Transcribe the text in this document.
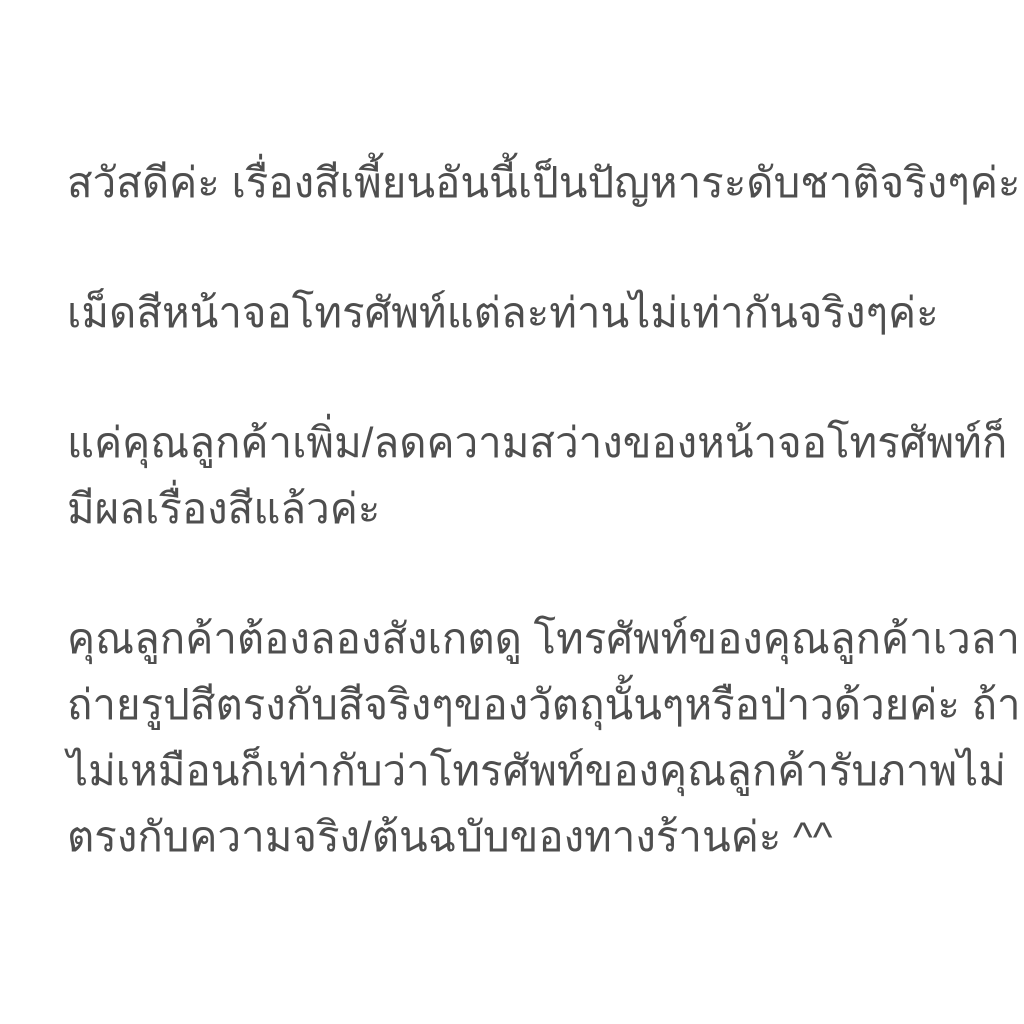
สวัสดีค่ะ เรื่องสีเพี้ยนอันนี้เป็นปัญหาระดับชาติจริงๆค่ะ

เม็ดสีหน้าจอโทรศัพท์แต่ละท่านไม่เท่ากันจริงๆค่ะ

แค่คุณลูกค้าเพิ่ม/ลดความสว่างของหน้าจอโทรศัพท์ก็
มีผลเรื่องสีแล้วค่ะ

คุณลูกค้าต้องลองสังเกตดู โทรศัพท์ของคุณลูกค้าเวลา
ถ่ายรูปสีตรงกับสีจริงๆของวัตถุนั้นๆหรือป่าวด้วยค่ะ ถ้า
ไม่เหมือนก็เท่ากับว่าโทรศัพท์ของคุณลูกค้ารับภาพไม่
ตรงกับความจริง/ต้นฉบับของทางร้านค่ะ ^^
